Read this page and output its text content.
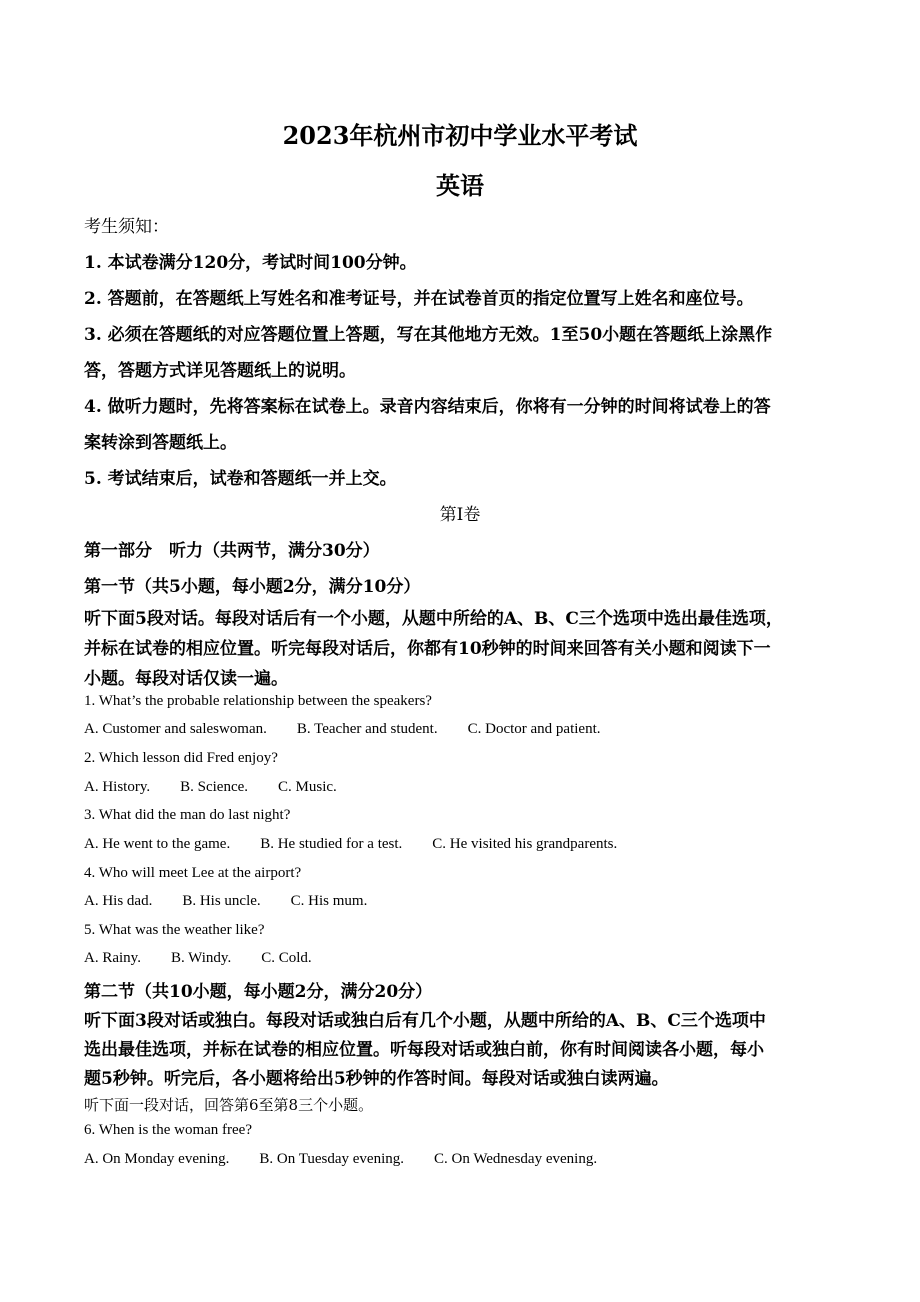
2023年杭州市初中学业水平考试
英语
考生须知：
1. 本试卷满分120分，考试时间100分钟。
2. 答题前，在答题纸上写姓名和准考证号，并在试卷首页的指定位置写上姓名和座位号。
3. 必须在答题纸的对应答题位置上答题，写在其他地方无效。1至50小题在答题纸上涂黑作
答，答题方式详见答题纸上的说明。
4. 做听力题时，先将答案标在试卷上。录音内容结束后，你将有一分钟的时间将试卷上的答
案转涂到答题纸上。
5. 考试结束后，试卷和答题纸一并上交。
第Ⅰ卷
第一部分　听力（共两节，满分30分）
第一节（共5小题，每小题2分，满分10分）
听下面5段对话。每段对话后有一个小题，从题中所给的A、B、C三个选项中选出最佳选项，
并标在试卷的相应位置。听完每段对话后，你都有10秒钟的时间来回答有关小题和阅读下一
小题。每段对话仅读一遍。
1. What’s the probable relationship between the speakers?
A. Customer and saleswoman. B. Teacher and student. C. Doctor and patient.
2. Which lesson did Fred enjoy?
A. History. B. Science. C. Music.
3. What did the man do last night?
A. He went to the game. B. He studied for a test. C. He visited his grandparents.
4. Who will meet Lee at the airport?
A. His dad. B. His uncle. C. His mum.
5. What was the weather like?
A. Rainy. B. Windy. C. Cold.
第二节（共10小题，每小题2分，满分20分）
听下面3段对话或独白。每段对话或独白后有几个小题，从题中所给的A、B、C三个选项中
选出最佳选项，并标在试卷的相应位置。听每段对话或独白前，你有时间阅读各小题，每小
题5秒钟。听完后，各小题将给出5秒钟的作答时间。每段对话或独白读两遍。
听下面一段对话，回答第6至第8三个小题。
6. When is the woman free?
A. On Monday evening. B. On Tuesday evening. C. On Wednesday evening.
